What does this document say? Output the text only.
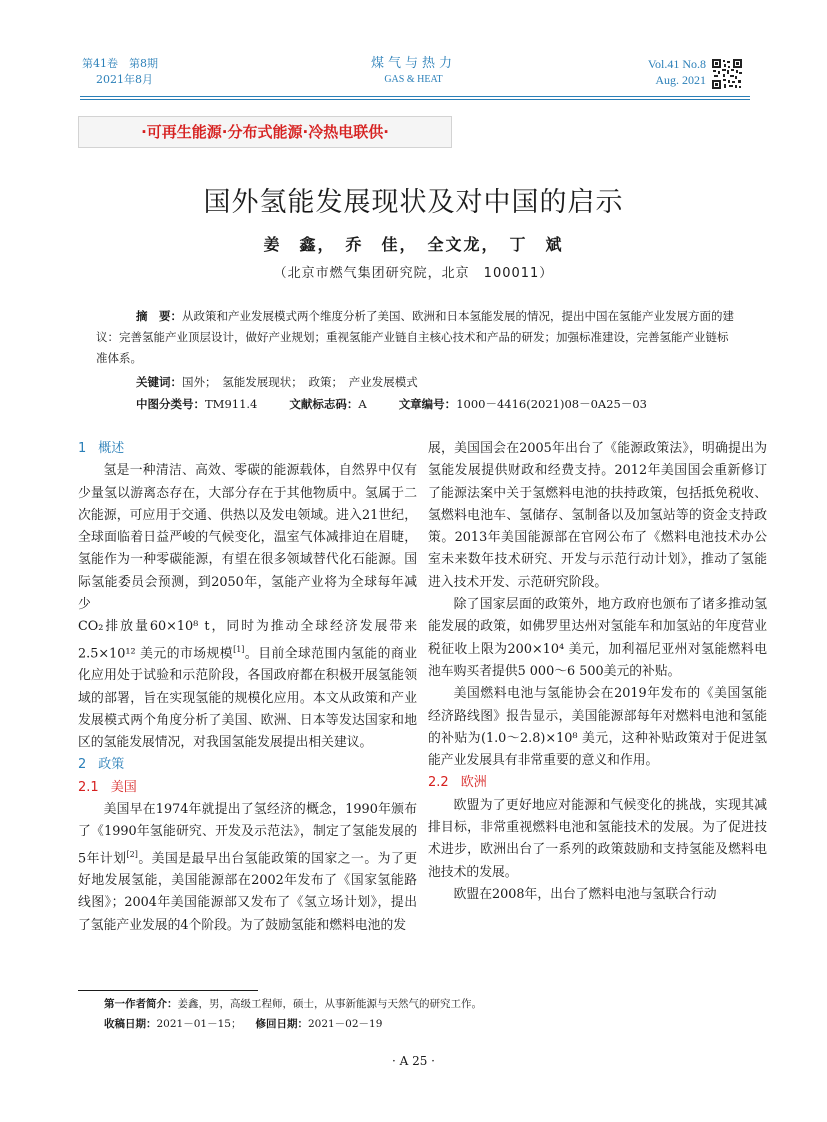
第41卷　第8期
2021年8月
煤气与热力
GAS & HEAT
Vol.41 No.8
Aug. 2021
·可再生能源·分布式能源·冷热电联供·
国外氢能发展现状及对中国的启示
姜　鑫，　乔　佳，　全文龙，　丁　斌
（北京市燃气集团研究院，北京　100011）
摘　要：从政策和产业发展模式两个维度分析了美国、欧洲和日本氢能发展的情况，提出中国在氢能产业发展方面的建议：完善氢能产业顶层设计，做好产业规划；重视氢能产业链自主核心技术和产品的研发；加强标准建设，完善氢能产业链标准体系。
关键词：国外；　氢能发展现状；　政策；　产业发展模式
中图分类号：TM911.4	文献标志码：A	文章编号：1000－4416(2021)08－0A25－03
1 概述

氢是一种清洁、高效、零碳的能源载体，自然界中仅有少量氢以游离态存在，大部分存在于其他物质中。氢属于二次能源，可应用于交通、供热以及发电领域。进入21世纪，全球面临着日益严峻的气候变化，温室气体减排迫在眉睫，氢能作为一种零碳能源，有望在很多领域替代化石能源。国际氢能委员会预测，到2050年，氢能产业将为全球每年减少

CO₂排放量60×10⁸ t，同时为推动全球经济发展带来2.5×10¹² 美元的市场规模[1]。目前全球范围内氢能的商业化应用处于试验和示范阶段，各国政府都在积极开展氢能领域的部署，旨在实现氢能的规模化应用。本文从政策和产业发展模式两个角度分析了美国、欧洲、日本等发达国家和地区的氢能发展情况，对我国氢能发展提出相关建议。

2 政策
2.1 美国

美国早在1974年就提出了氢经济的概念，1990年颁布了《1990年氢能研究、开发及示范法》，制定了氢能发展的5年计划[2]。美国是最早出台氢能政策的国家之一。为了更好地发展氢能，美国能源部在2002年发布了《国家氢能路线图》；2004年美国能源部又发布了《氢立场计划》，提出了氢能产业发展的4个阶段。为了鼓励氢能和燃料电池的发

展，美国国会在2005年出台了《能源政策法》，明确提出为氢能发展提供财政和经费支持。2012年美国国会重新修订了能源法案中关于氢燃料电池的扶持政策，包括抵免税收、氢燃料电池车、氢储存、氢制备以及加氢站等的资金支持政策。2013年美国能源部在官网公布了《燃料电池技术办公室未来数年技术研究、开发与示范行动计划》，推动了氢能进入技术开发、示范研究阶段。

除了国家层面的政策外，地方政府也颁布了诸多推动氢能发展的政策，如佛罗里达州对氢能车和加氢站的年度营业税征收上限为200×10⁴ 美元，加利福尼亚州对氢能燃料电池车购买者提供5 000～6 500美元的补贴。

美国燃料电池与氢能协会在2019年发布的《美国氢能经济路线图》报告显示，美国能源部每年对燃料电池和氢能的补贴为(1.0～2.8)×10⁸ 美元，这种补贴政策对于促进氢能产业发展具有非常重要的意义和作用。

2.2 欧洲

欧盟为了更好地应对能源和气候变化的挑战，实现其减排目标，非常重视燃料电池和氢能技术的发展。为了促进技术进步，欧洲出台了一系列的政策鼓励和支持氢能及燃料电池技术的发展。

欧盟在2008年，出台了燃料电池与氢联合行动

第一作者简介：姜鑫，男，高级工程师，硕士，从事新能源与天然气的研究工作。
收稿日期：2021－01－15； 修回日期：2021－02－19
· A 25 ·
